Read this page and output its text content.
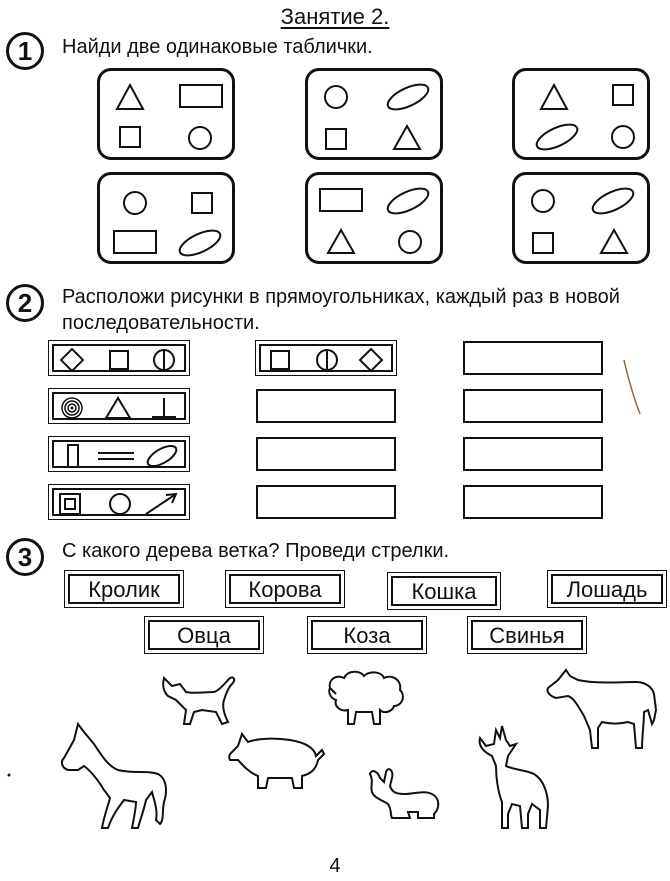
Занятие 2.
1	Найди две одинаковые таблички.
2	Расположи рисунки в прямоугольниках, каждый раз в новой последовательности.
3	С какого дерева ветка? Проведи стрелки.
Кролик	Корова	Кошка	Лошадь
Овца	Коза	Свинья
4
